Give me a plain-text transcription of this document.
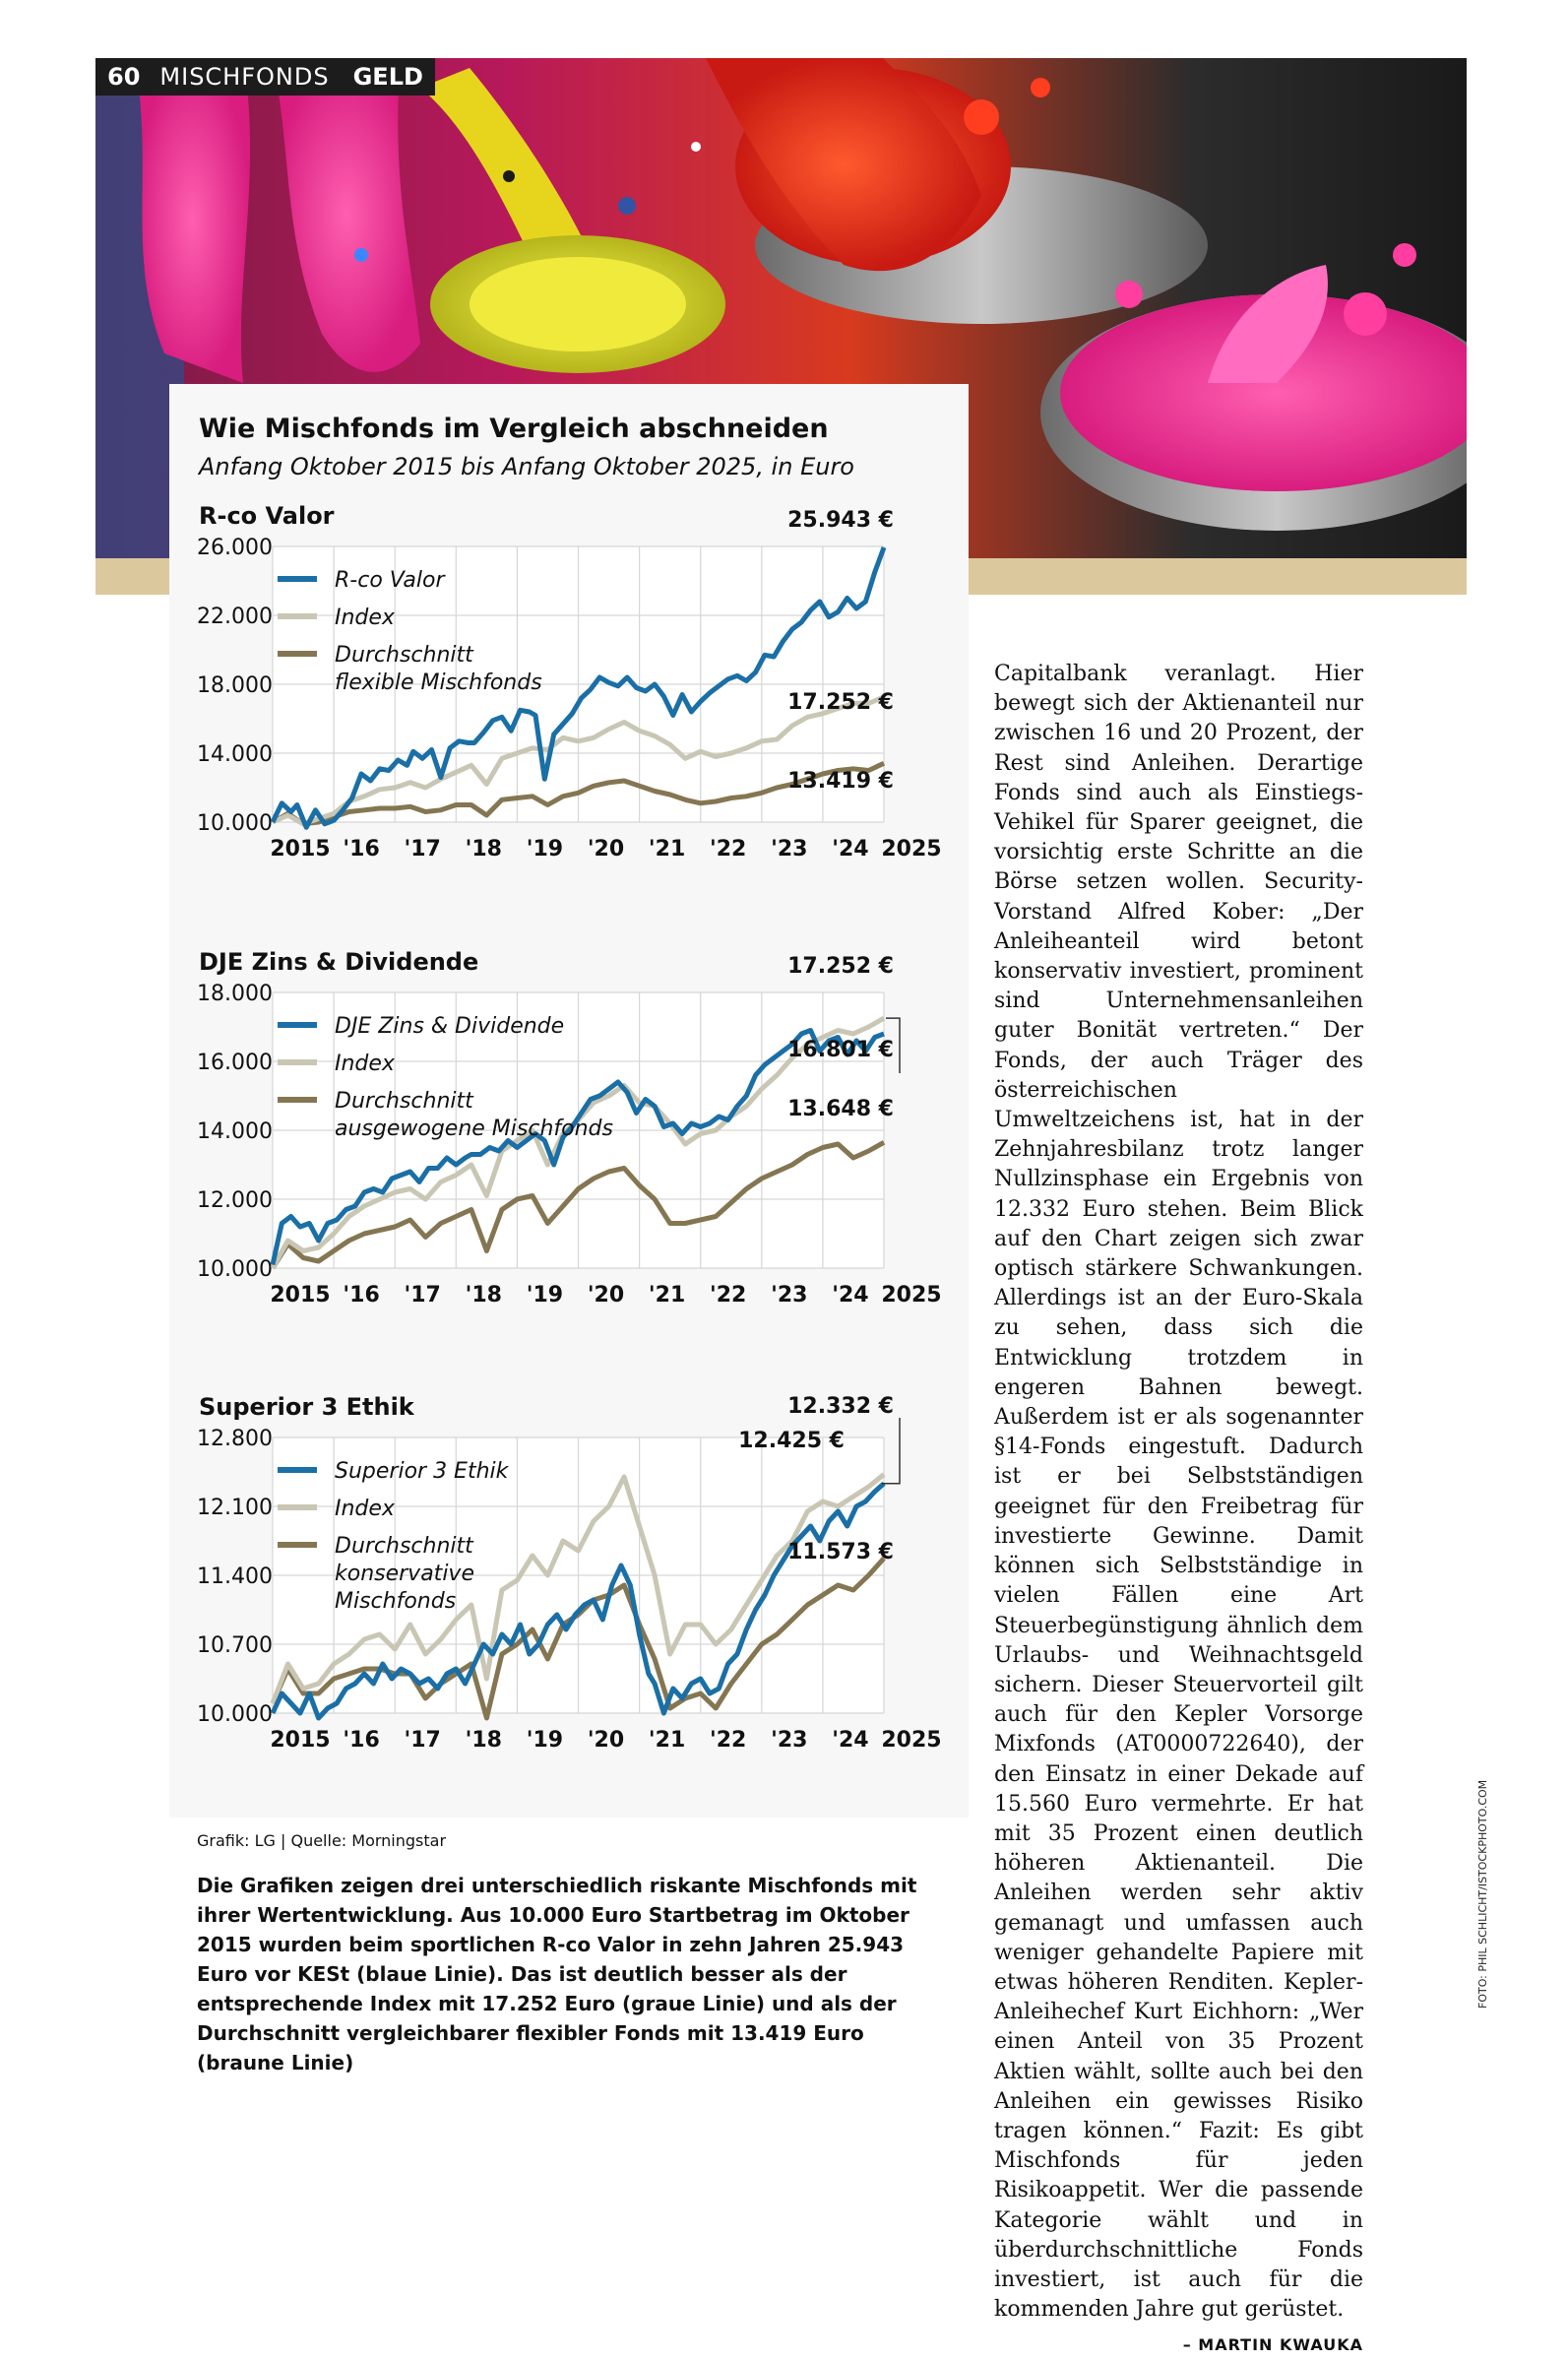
60 MISCHFONDS GELD
Wie Mischfonds im Vergleich abschneiden
Anfang Oktober 2015 bis Anfang Oktober 2025, in Euro
R-co Valor
10.000
14.000
18.000
22.000
26.000
2015 '16 '17 '18 '19 '20 '21 '22 '23 '24 2025
R-co Valor
Index
Durchschnitt
flexible Mischfonds
25.943 €
17.252 €
13.419 €
DJE Zins & Dividende
10.000
12.000
14.000
16.000
18.000
2015 '16 '17 '18 '19 '20 '21 '22 '23 '24 2025
DJE Zins & Dividende
Index
Durchschnitt
ausgewogene Mischfonds
17.252 €
16.801 €
13.648 €
Superior 3 Ethik
10.000
10.700
11.400
12.100
12.800
2015 '16 '17 '18 '19 '20 '21 '22 '23 '24 2025
Superior 3 Ethik
Index
Durchschnitt
konservative
Mischfonds
12.332 €
12.425 €
11.573 €
Grafik: LG | Quelle: Morningstar
Die Grafiken zeigen drei unterschiedlich riskante Mischfonds mit ihrer Wertentwicklung. Aus 10.000 Euro Startbetrag im Oktober 2015 wurden beim sportlichen R-co Valor in zehn Jahren 25.943 Euro vor KESt (blaue Linie). Das ist deutlich besser als der entsprechende Index mit 17.252 Euro (graue Linie) und als der Durchschnitt vergleichbarer flexibler Fonds mit 13.419 Euro (braune Linie)
Capitalbank veranlagt. Hier bewegt sich der Aktienanteil nur zwischen 16 und 20 Prozent, der Rest sind Anleihen. Derartige Fonds sind auch als Einstiegs-Vehikel für Sparer geeignet, die vorsichtig erste Schritte an die Börse setzen wollen. Security-Vorstand Alfred Kober: „Der Anleiheanteil wird betont konservativ investiert, prominent sind Unternehmensanleihen guter Bonität vertreten.“ Der Fonds, der auch Träger des österreichischen Umweltzeichens ist, hat in der Zehnjahresbilanz trotz langer Nullzinsphase ein Ergebnis von 12.332 Euro stehen. Beim Blick auf den Chart zeigen sich zwar optisch stärkere Schwankungen. Allerdings ist an der Euro-Skala zu sehen, dass sich die Entwicklung trotzdem in engeren Bahnen bewegt. Außerdem ist er als sogenannter §14-Fonds eingestuft. Dadurch ist er bei Selbstständigen geeignet für den Freibetrag für investierte Gewinne. Damit können sich Selbstständige in vielen Fällen eine Art Steuerbegünstigung ähnlich dem Urlaubs- und Weihnachtsgeld sichern. Dieser Steuervorteil gilt auch für den Kepler Vorsorge Mixfonds (AT0000722640), der den Einsatz in einer Dekade auf 15.560 Euro vermehrte. Er hat mit 35 Prozent einen deutlich höheren Aktienanteil. Die Anleihen werden sehr aktiv gemanagt und umfassen auch weniger gehandelte Papiere mit etwas höheren Renditen. Kepler-Anleihechef Kurt Eichhorn: „Wer einen Anteil von 35 Prozent Aktien wählt, sollte auch bei den Anleihen ein gewisses Risiko tragen können.“ Fazit: Es gibt Mischfonds für jeden Risikoappetit. Wer die passende Kategorie wählt und in überdurchschnittliche Fonds investiert, ist auch für die kommenden Jahre gut gerüstet.
– MARTIN KWAUKA
FOTO: PHIL SCHLICHT/ISTOCKPHOTO.COM
